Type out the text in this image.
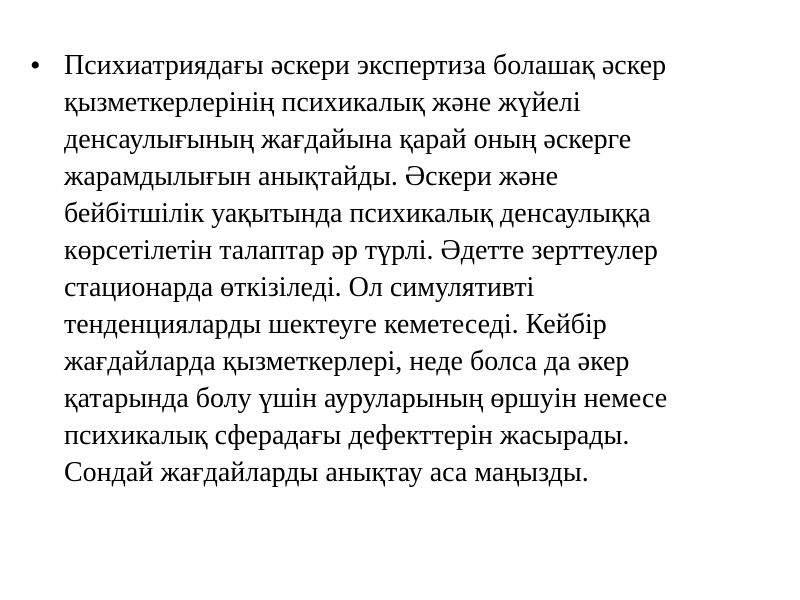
• Психиатриядағы әскери экспертиза болашақ әскер
қызметкерлерінің психикалық және жүйелі
денсаулығының жағдайына қарай оның әскерге
жарамдылығын анықтайды. Әскери және
бейбітшілік уақытында психикалық денсаулыққа
көрсетілетін талаптар әр түрлі. Әдетте зерттеулер
стационарда өткізіледі. Ол симулятивті
тенденцияларды шектеуге кеметеседі. Кейбір
жағдайларда қызметкерлері, неде болса да әкер
қатарында болу үшін ауруларының өршуін немесе
психикалық сферадағы дефекттерін жасырады.
Сондай жағдайларды анықтау аса маңызды.
